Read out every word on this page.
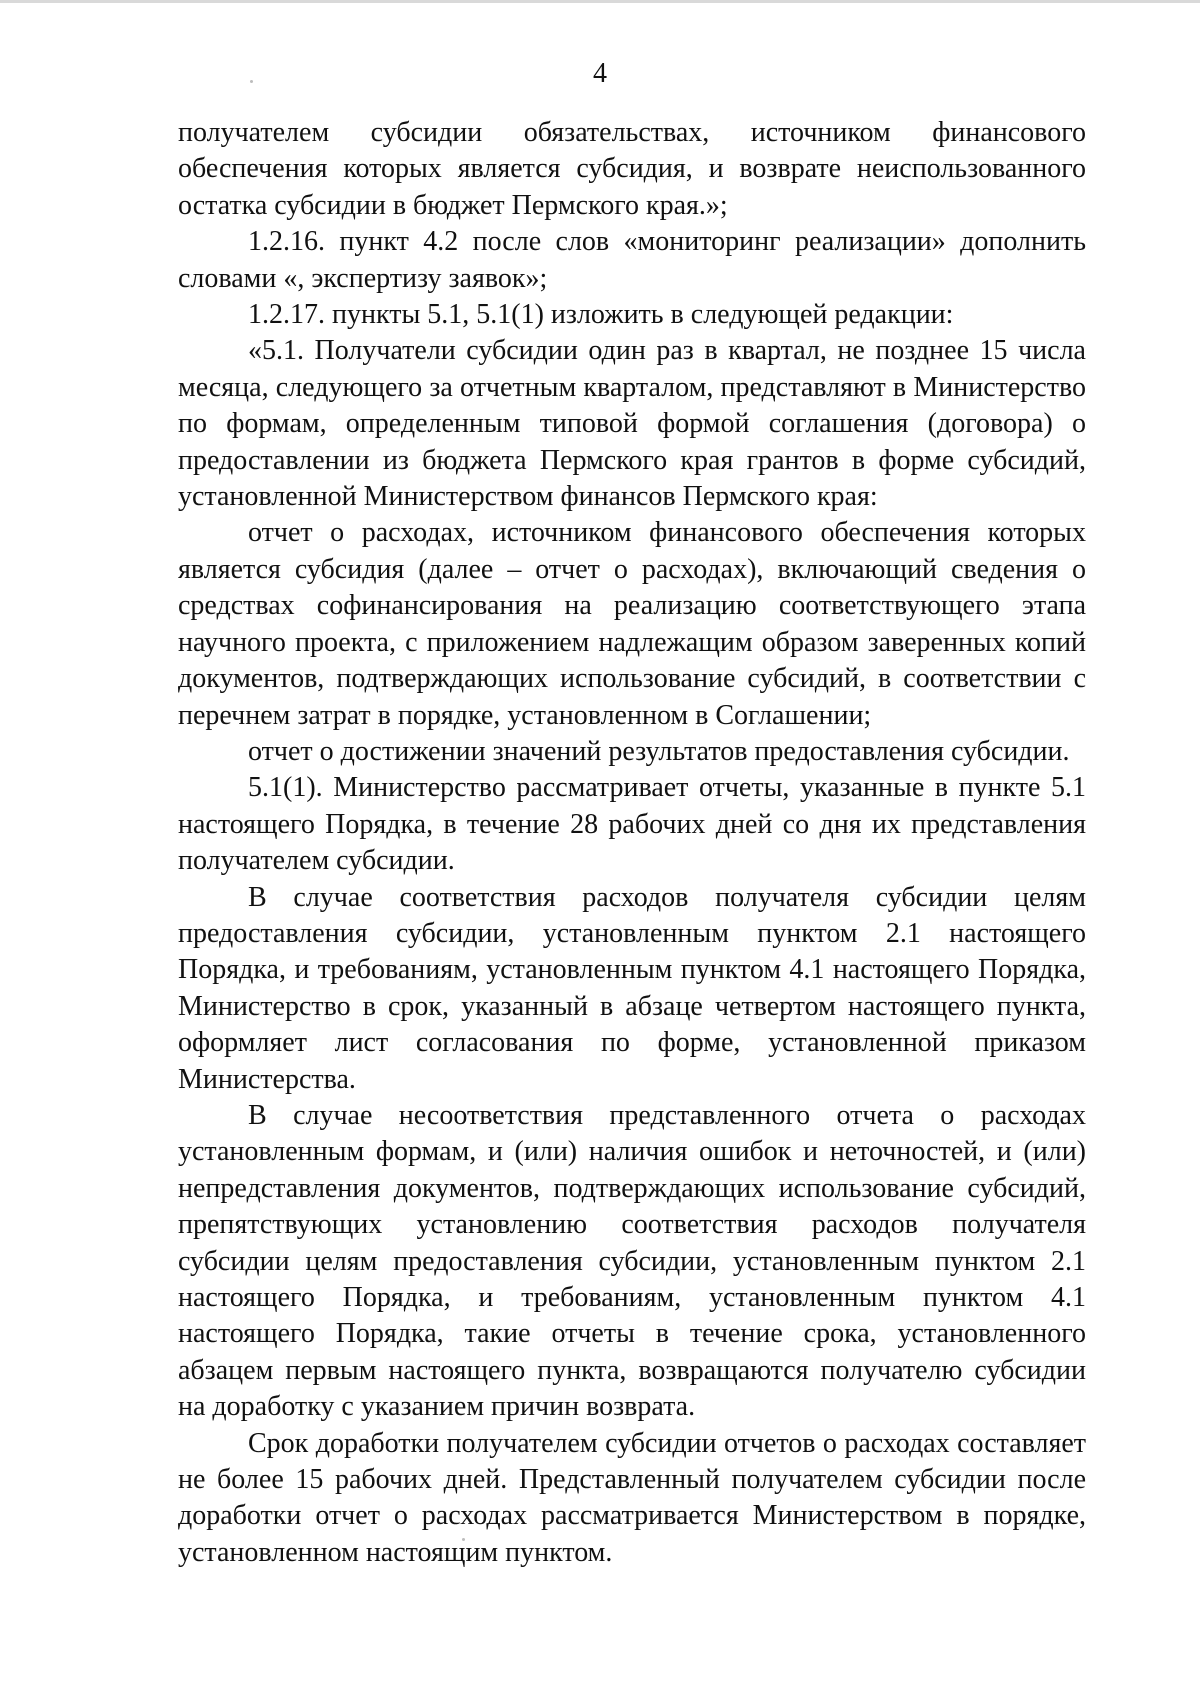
4

получателем субсидии обязательствах, источником финансового обеспечения которых является субсидия, и возврате неиспользованного остатка субсидии в бюджет Пермского края.»;

1.2.16. пункт 4.2 после слов «мониторинг реализации» дополнить словами «, экспертизу заявок»;

1.2.17. пункты 5.1, 5.1(1) изложить в следующей редакции:

«5.1. Получатели субсидии один раз в квартал, не позднее 15 числа месяца, следующего за отчетным кварталом, представляют в Министерство по формам, определенным типовой формой соглашения (договора) о предоставлении из бюджета Пермского края грантов в форме субсидий, установленной Министерством финансов Пермского края:

отчет о расходах, источником финансового обеспечения которых является субсидия (далее – отчет о расходах), включающий сведения о средствах софинансирования на реализацию соответствующего этапа научного проекта, с приложением надлежащим образом заверенных копий документов, подтверждающих использование субсидий, в соответствии с перечнем затрат в порядке, установленном в Соглашении;

отчет о достижении значений результатов предоставления субсидии.

5.1(1). Министерство рассматривает отчеты, указанные в пункте 5.1 настоящего Порядка, в течение 28 рабочих дней со дня их представления получателем субсидии.

В случае соответствия расходов получателя субсидии целям предоставления субсидии, установленным пунктом 2.1 настоящего Порядка, и требованиям, установленным пунктом 4.1 настоящего Порядка, Министерство в срок, указанный в абзаце четвертом настоящего пункта, оформляет лист согласования по форме, установленной приказом Министерства.

В случае несоответствия представленного отчета о расходах установленным формам, и (или) наличия ошибок и неточностей, и (или) непредставления документов, подтверждающих использование субсидий, препятствующих установлению соответствия расходов получателя субсидии целям предоставления субсидии, установленным пунктом 2.1 настоящего Порядка, и требованиям, установленным пунктом 4.1 настоящего Порядка, такие отчеты в течение срока, установленного абзацем первым настоящего пункта, возвращаются получателю субсидии на доработку с указанием причин возврата.

Срок доработки получателем субсидии отчетов о расходах составляет не более 15 рабочих дней. Представленный получателем субсидии после доработки отчет о расходах рассматривается Министерством в порядке, установленном настоящим пунктом.
